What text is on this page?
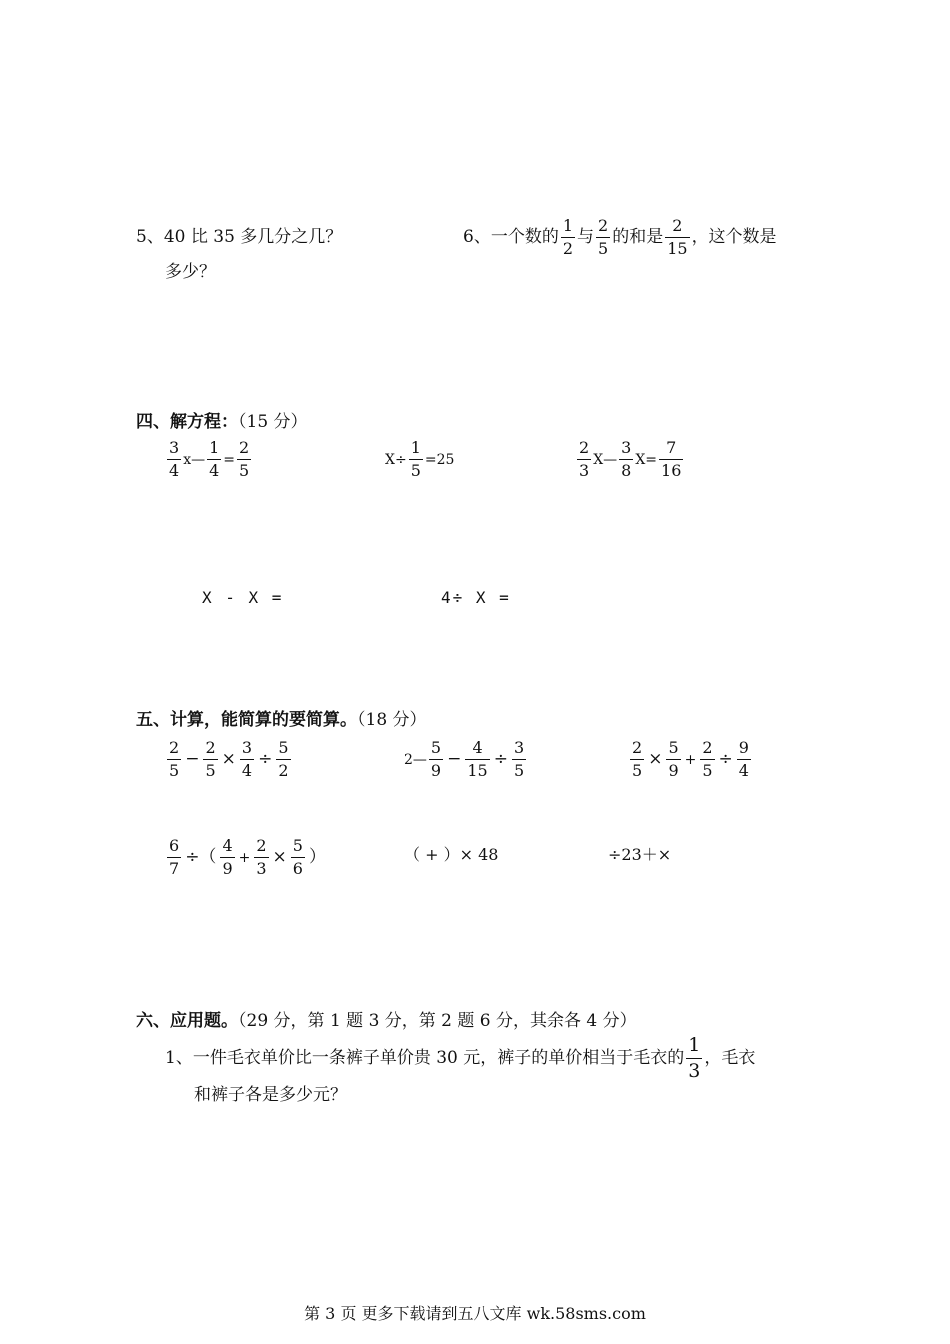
5、40 比 35 多几分之几？	6、一个数的 $\frac{1}{2}$ 与 $\frac{2}{5}$ 的和是 $\frac{2}{15}$ ，这个数是
多少？
四、解方程：（15 分）
$\frac{3}{4}$ x— $\frac{1}{4} = \frac{2}{5}$	$X\div \frac{1}{5} =25$	$\frac{2}{3}$ X— $\frac{3}{8} X= \frac{7}{16}$
X - X =	4÷ X =
五、计算，能简算的要简算。（18 分）
$\frac{2}{5} - \frac{2}{5} \times \frac{3}{4} \div \frac{5}{2}$	2— $\frac{5}{9} - \frac{4}{15} \div \frac{3}{5}$	$\frac{2}{5} \times \frac{5}{9} + \frac{2}{5} \div \frac{9}{4}$
$\frac{6}{7}$ ÷（ $\frac{4}{9} + \frac{2}{3} \times \frac{5}{6}$ ）	（ + ）× 48	÷23＋×
六、应用题。（29 分，第 1 题 3 分，第 2 题 6 分，其余各 4 分）
1、一件毛衣单价比一条裤子单价贵 30 元，裤子的单价相当于毛衣的 $\frac{1}{3}$ ，毛衣
和裤子各是多少元？
第 3 页 更多下载请到五八文库 wk.58sms.com
